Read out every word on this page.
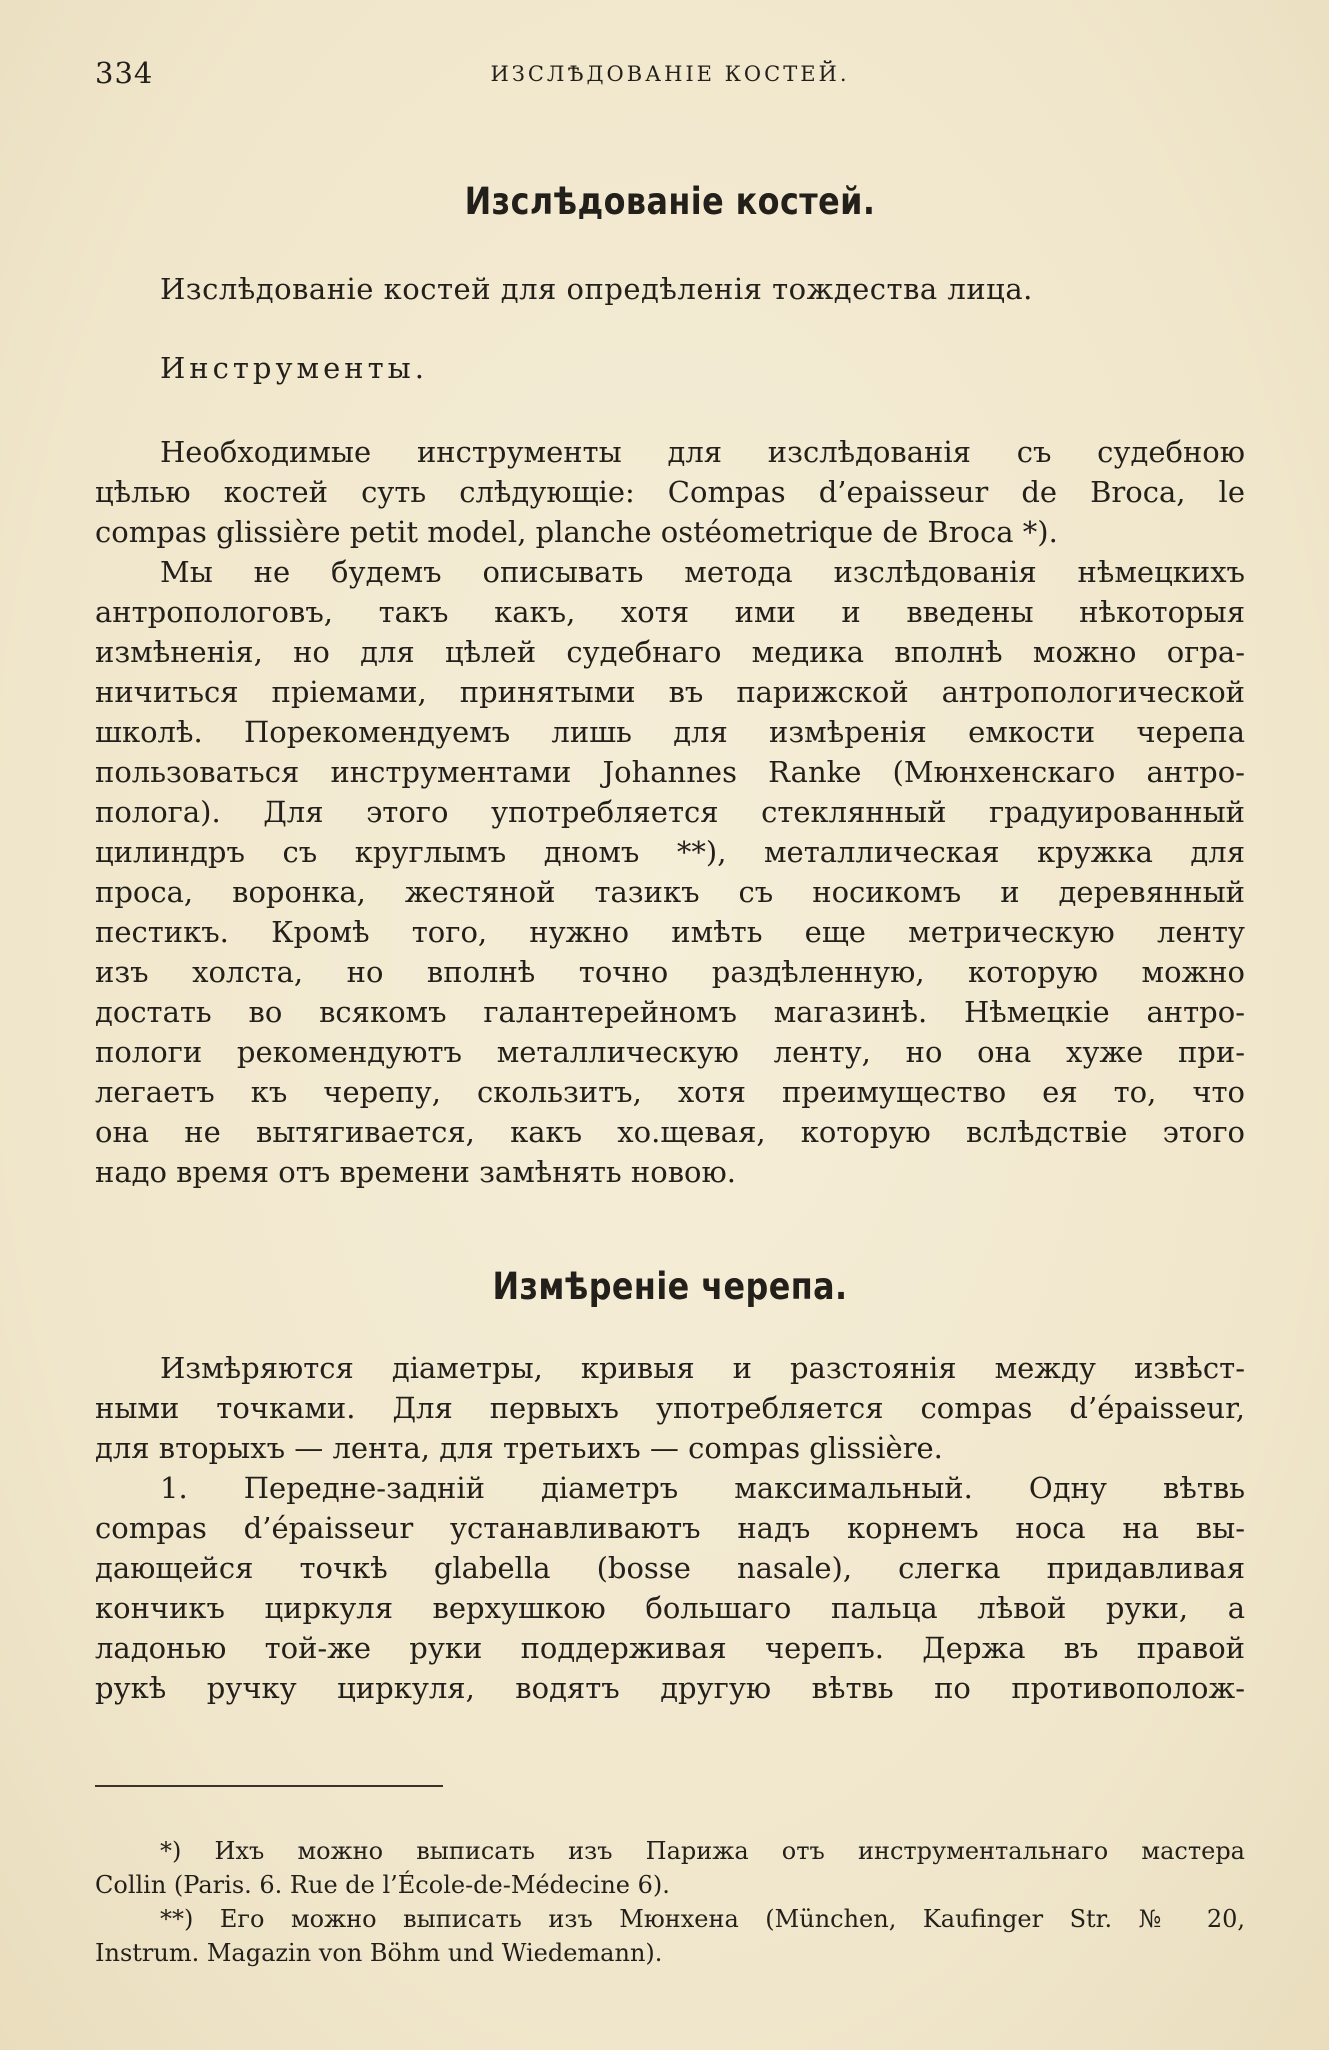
334	ИЗСЛѢДОВАНІЕ КОСТЕЙ.
Изслѣдованіе костей.
Изслѣдованіе костей для опредѣленія тождества лица.
Инструменты.
Необходимые инструменты для изслѣдованія съ судебною
цѣлью костей суть слѣдующіе: Compas d’epaisseur de Broca, le
compas glissière petit model, planche ostéometrique de Broca *).
Мы не будемъ описывать метода изслѣдованія нѣмецкихъ
антропологовъ, такъ какъ, хотя ими и введены нѣкоторыя
измѣненія, но для цѣлей судебнаго медика вполнѣ можно огра-
ничиться пріемами, принятыми въ парижской антропологической
школѣ. Порекомендуемъ лишь для измѣренія емкости черепа
пользоваться инструментами Johannes Ranke (Мюнхенскаго антро-
полога). Для этого употребляется стеклянный градуированный
цилиндръ съ круглымъ дномъ **), металлическая кружка для
проса, воронка, жестяной тазикъ съ носикомъ и деревянный
пестикъ. Кромѣ того, нужно имѣть еще метрическую ленту
изъ холста, но вполнѣ точно раздѣленную, которую можно
достать во всякомъ галантерейномъ магазинѣ. Нѣмецкіе антро-
пологи рекомендуютъ металлическую ленту, но она хуже при-
легаетъ къ черепу, скользитъ, хотя преимущество ея то, что
она не вытягивается, какъ хо.щевая, которую вслѣдствіе этого
надо время отъ времени замѣнять новою.
Измѣреніе черепа.
Измѣряются діаметры, кривыя и разстоянія между извѣст-
ными точками. Для первыхъ употребляется compas d’épaisseur,
для вторыхъ — лента, для третьихъ — compas glissière.
1. Передне-задній діаметръ максимальный. Одну вѣтвь
compas d’épaisseur устанавливаютъ надъ корнемъ носа на вы-
дающейся точкѣ glabella (bosse nasale), слегка придавливая
кончикъ циркуля верхушкою большаго пальца лѣвой руки, а
ладонью той-же руки поддерживая черепъ. Держа въ правой
рукѣ ручку циркуля, водятъ другую вѣтвь по противополож-
*) Ихъ можно выписать изъ Парижа отъ инструментальнаго мастера
Collin (Paris. 6. Rue de l’École-de-Médecine 6).
**) Его можно выписать изъ Мюнхена (München, Kaufinger Str. № 20,
Instrum. Magazin von Böhm und Wiedemann).
